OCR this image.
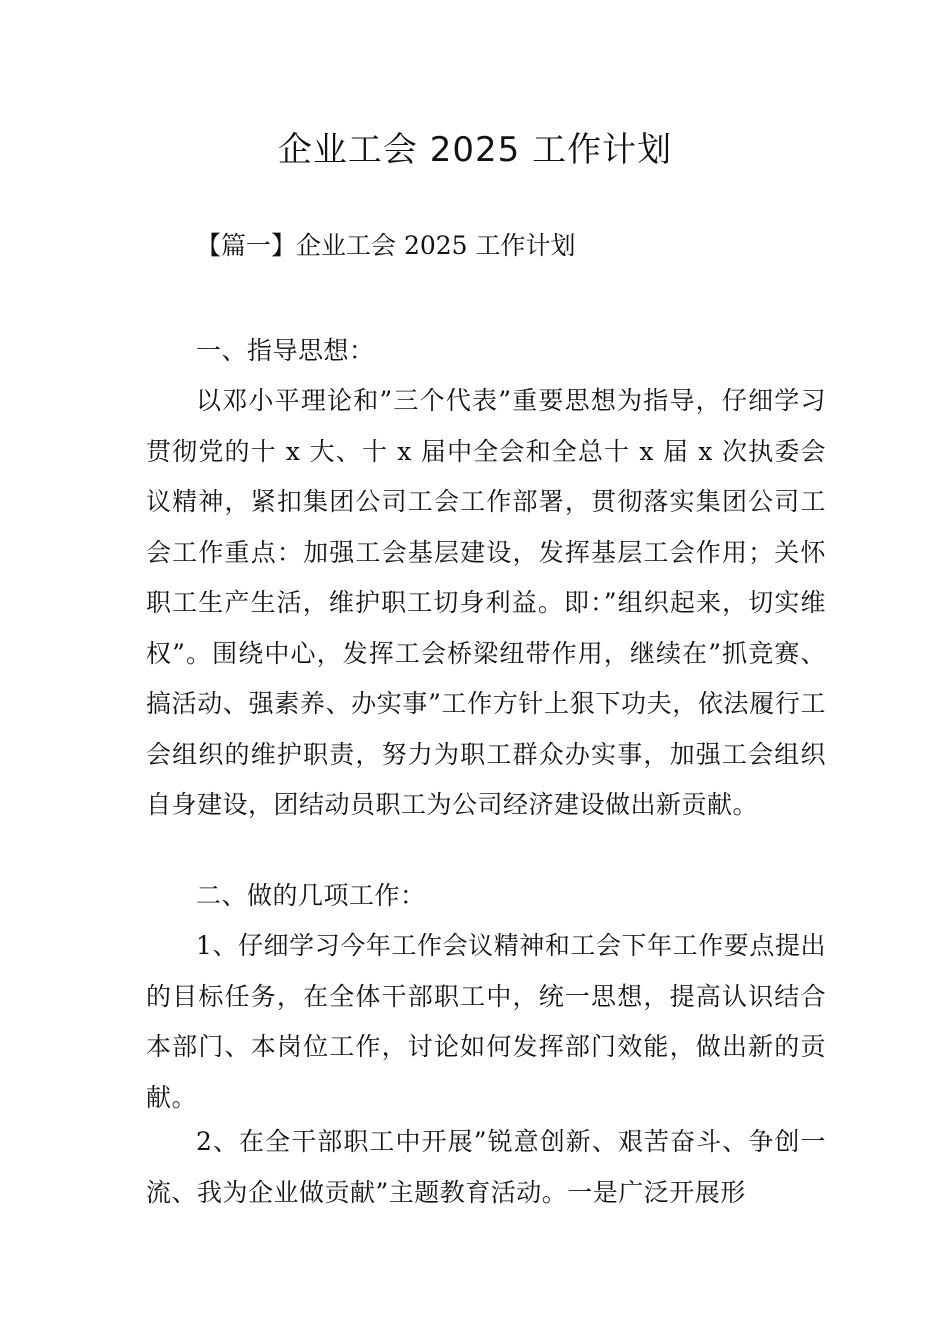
企业工会 2025 工作计划

【篇一】企业工会 2025 工作计划

一、指导思想：

以邓小平理论和”三个代表”重要思想为指导，仔细学习贯彻党的十 x 大、十 x 届中全会和全总十 x 届 x 次执委会议精神，紧扣集团公司工会工作部署，贯彻落实集团公司工会工作重点：加强工会基层建设，发挥基层工会作用；关怀职工生产生活，维护职工切身利益。即：”组织起来，切实维权”。围绕中心，发挥工会桥梁纽带作用，继续在”抓竞赛、搞活动、强素养、办实事”工作方针上狠下功夫，依法履行工会组织的维护职责，努力为职工群众办实事，加强工会组织自身建设，团结动员职工为公司经济建设做出新贡献。

二、做的几项工作：

1、仔细学习今年工作会议精神和工会下年工作要点提出的目标任务，在全体干部职工中，统一思想，提高认识结合本部门、本岗位工作，讨论如何发挥部门效能，做出新的贡献。

2、在全干部职工中开展”锐意创新、艰苦奋斗、争创一流、我为企业做贡献”主题教育活动。一是广泛开展形
